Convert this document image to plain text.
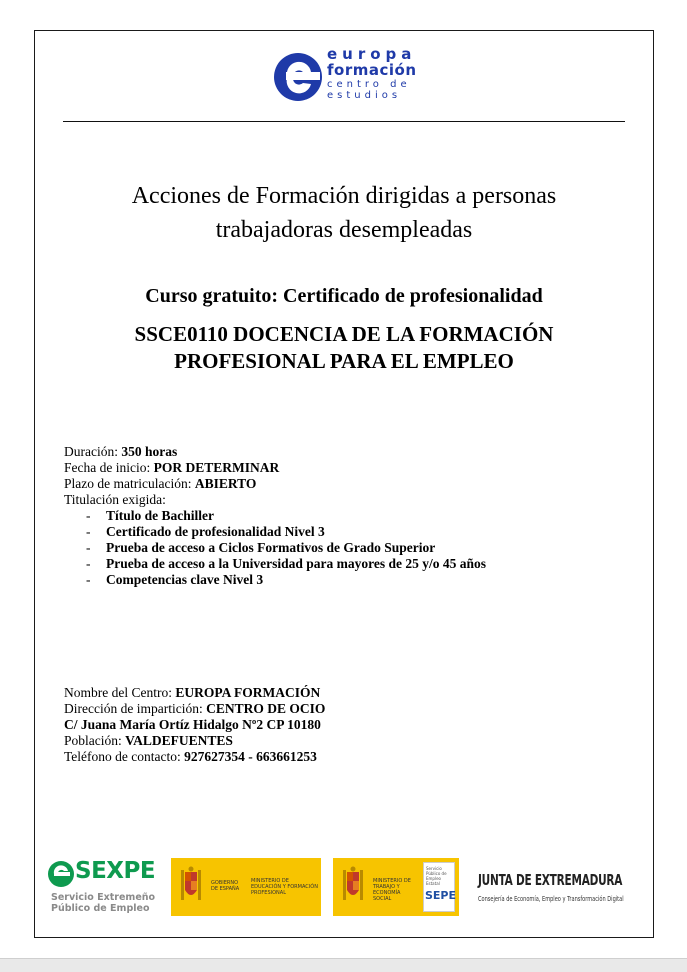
europa
formación
centro de
estudios
Acciones de Formación dirigidas a personas
trabajadoras desempleadas
Curso gratuito: Certificado de profesionalidad
SSCE0110 DOCENCIA DE LA FORMACIÓN
PROFESIONAL PARA EL EMPLEO
Duración: 350 horas
Fecha de inicio: POR DETERMINAR
Plazo de matriculación: ABIERTO
Titulación exigida:
- Título de Bachiller
- Certificado de profesionalidad Nivel 3
- Prueba de acceso a Ciclos Formativos de Grado Superior
- Prueba de acceso a la Universidad para mayores de 25 y/o 45 años
- Competencias clave Nivel 3
Nombre del Centro: EUROPA FORMACIÓN
Dirección de impartición: CENTRO DE OCIO
C/ Juana María Ortíz Hidalgo Nº2 CP 10180
Población: VALDEFUENTES
Teléfono de contacto: 927627354 - 663661253
SEXPE
Servicio Extremeño
Público de Empleo
GOBIERNO DE ESPAÑA
MINISTERIO DE EDUCACIÓN Y FORMACIÓN PROFESIONAL
MINISTERIO DE TRABAJO Y ECONOMÍA SOCIAL
Servicio Público de Empleo Estatal
SEPE
JUNTA DE EXTREMADURA
Consejería de Economía, Empleo y Transformación Digital
